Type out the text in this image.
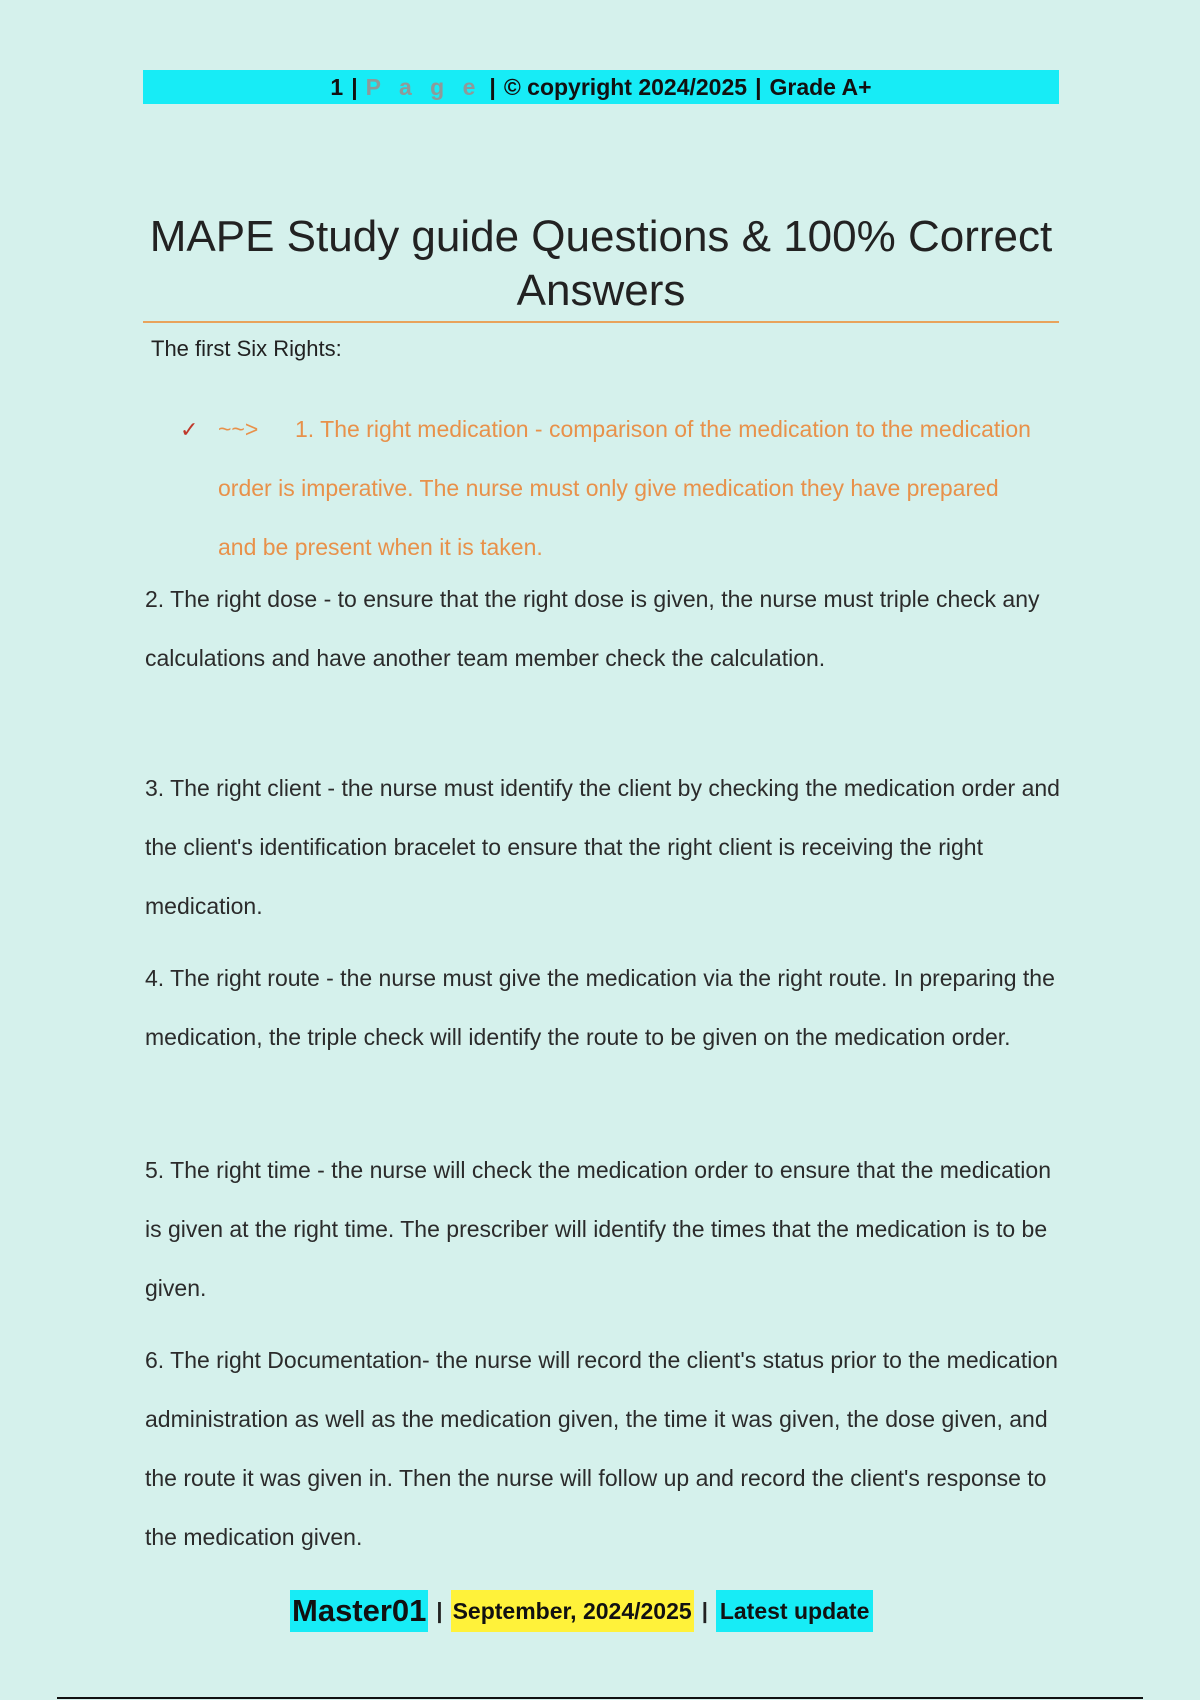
1 | P a g e | © copyright 2024/2025 | Grade A+
MAPE Study guide Questions & 100% Correct Answers
The first Six Rights:
✓ ~~>	1. The right medication - comparison of the medication to the medication order is imperative. The nurse must only give medication they have prepared and be present when it is taken.
2. The right dose - to ensure that the right dose is given, the nurse must triple check any calculations and have another team member check the calculation.
3. The right client - the nurse must identify the client by checking the medication order and the client's identification bracelet to ensure that the right client is receiving the right medication.
4. The right route - the nurse must give the medication via the right route. In preparing the medication, the triple check will identify the route to be given on the medication order.
5. The right time - the nurse will check the medication order to ensure that the medication is given at the right time. The prescriber will identify the times that the medication is to be given.
6. The right Documentation- the nurse will record the client's status prior to the medication administration as well as the medication given, the time it was given, the dose given, and the route it was given in. Then the nurse will follow up and record the client's response to the medication given.
Master01 | September, 2024/2025 | Latest update
